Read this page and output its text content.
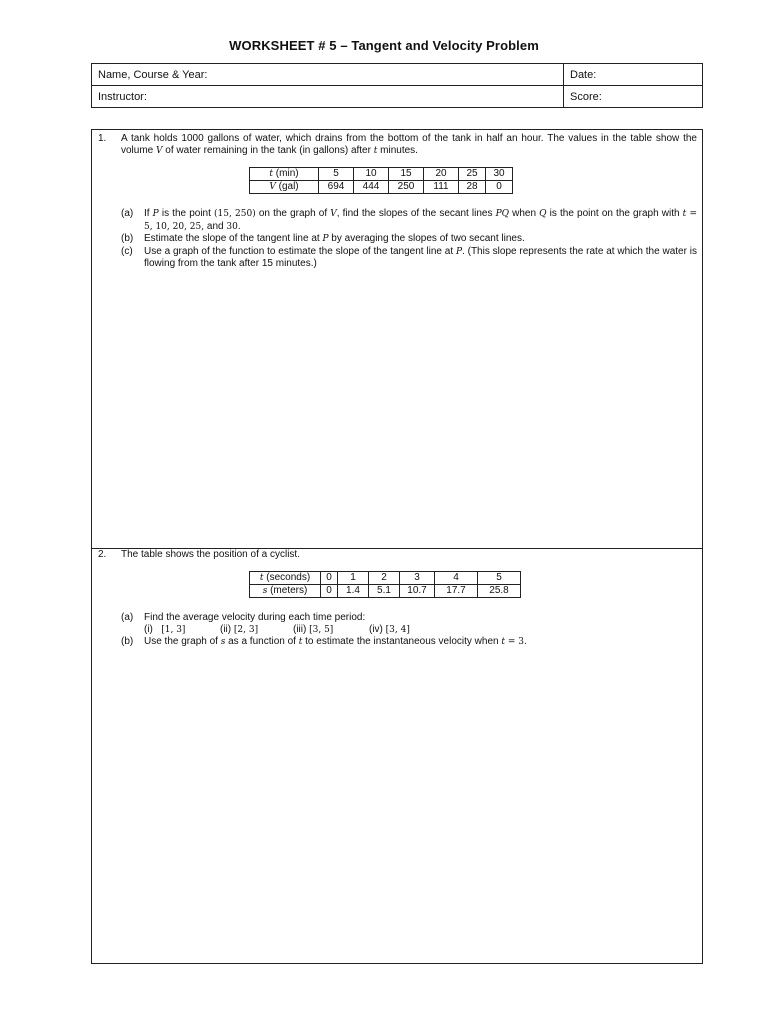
WORKSHEET # 5 – Tangent and Velocity Problem
Name, Course & Year:	Date:
Instructor:	Score:
1. A tank holds 1000 gallons of water, which drains from the bottom of the tank in half an hour. The values in the table show the volume V of water remaining in the tank (in gallons) after t minutes.
t (min)	5	10	15	20	25	30
V (gal)	694	444	250	111	28	0
(a) If P is the point (15, 250) on the graph of V, find the slopes of the secant lines PQ when Q is the point on the graph with t = 5, 10, 20, 25, and 30.
(b) Estimate the slope of the tangent line at P by averaging the slopes of two secant lines.
(c) Use a graph of the function to estimate the slope of the tangent line at P. (This slope represents the rate at which the water is flowing from the tank after 15 minutes.)
2. The table shows the position of a cyclist.
t (seconds)	0	1	2	3	4	5
s (meters)	0	1.4	5.1	10.7	17.7	25.8
(a) Find the average velocity during each time period:
(i) [1, 3]	(ii) [2, 3]	(iii) [3, 5]	(iv) [3, 4]
(b) Use the graph of s as a function of t to estimate the instantaneous velocity when t = 3.
